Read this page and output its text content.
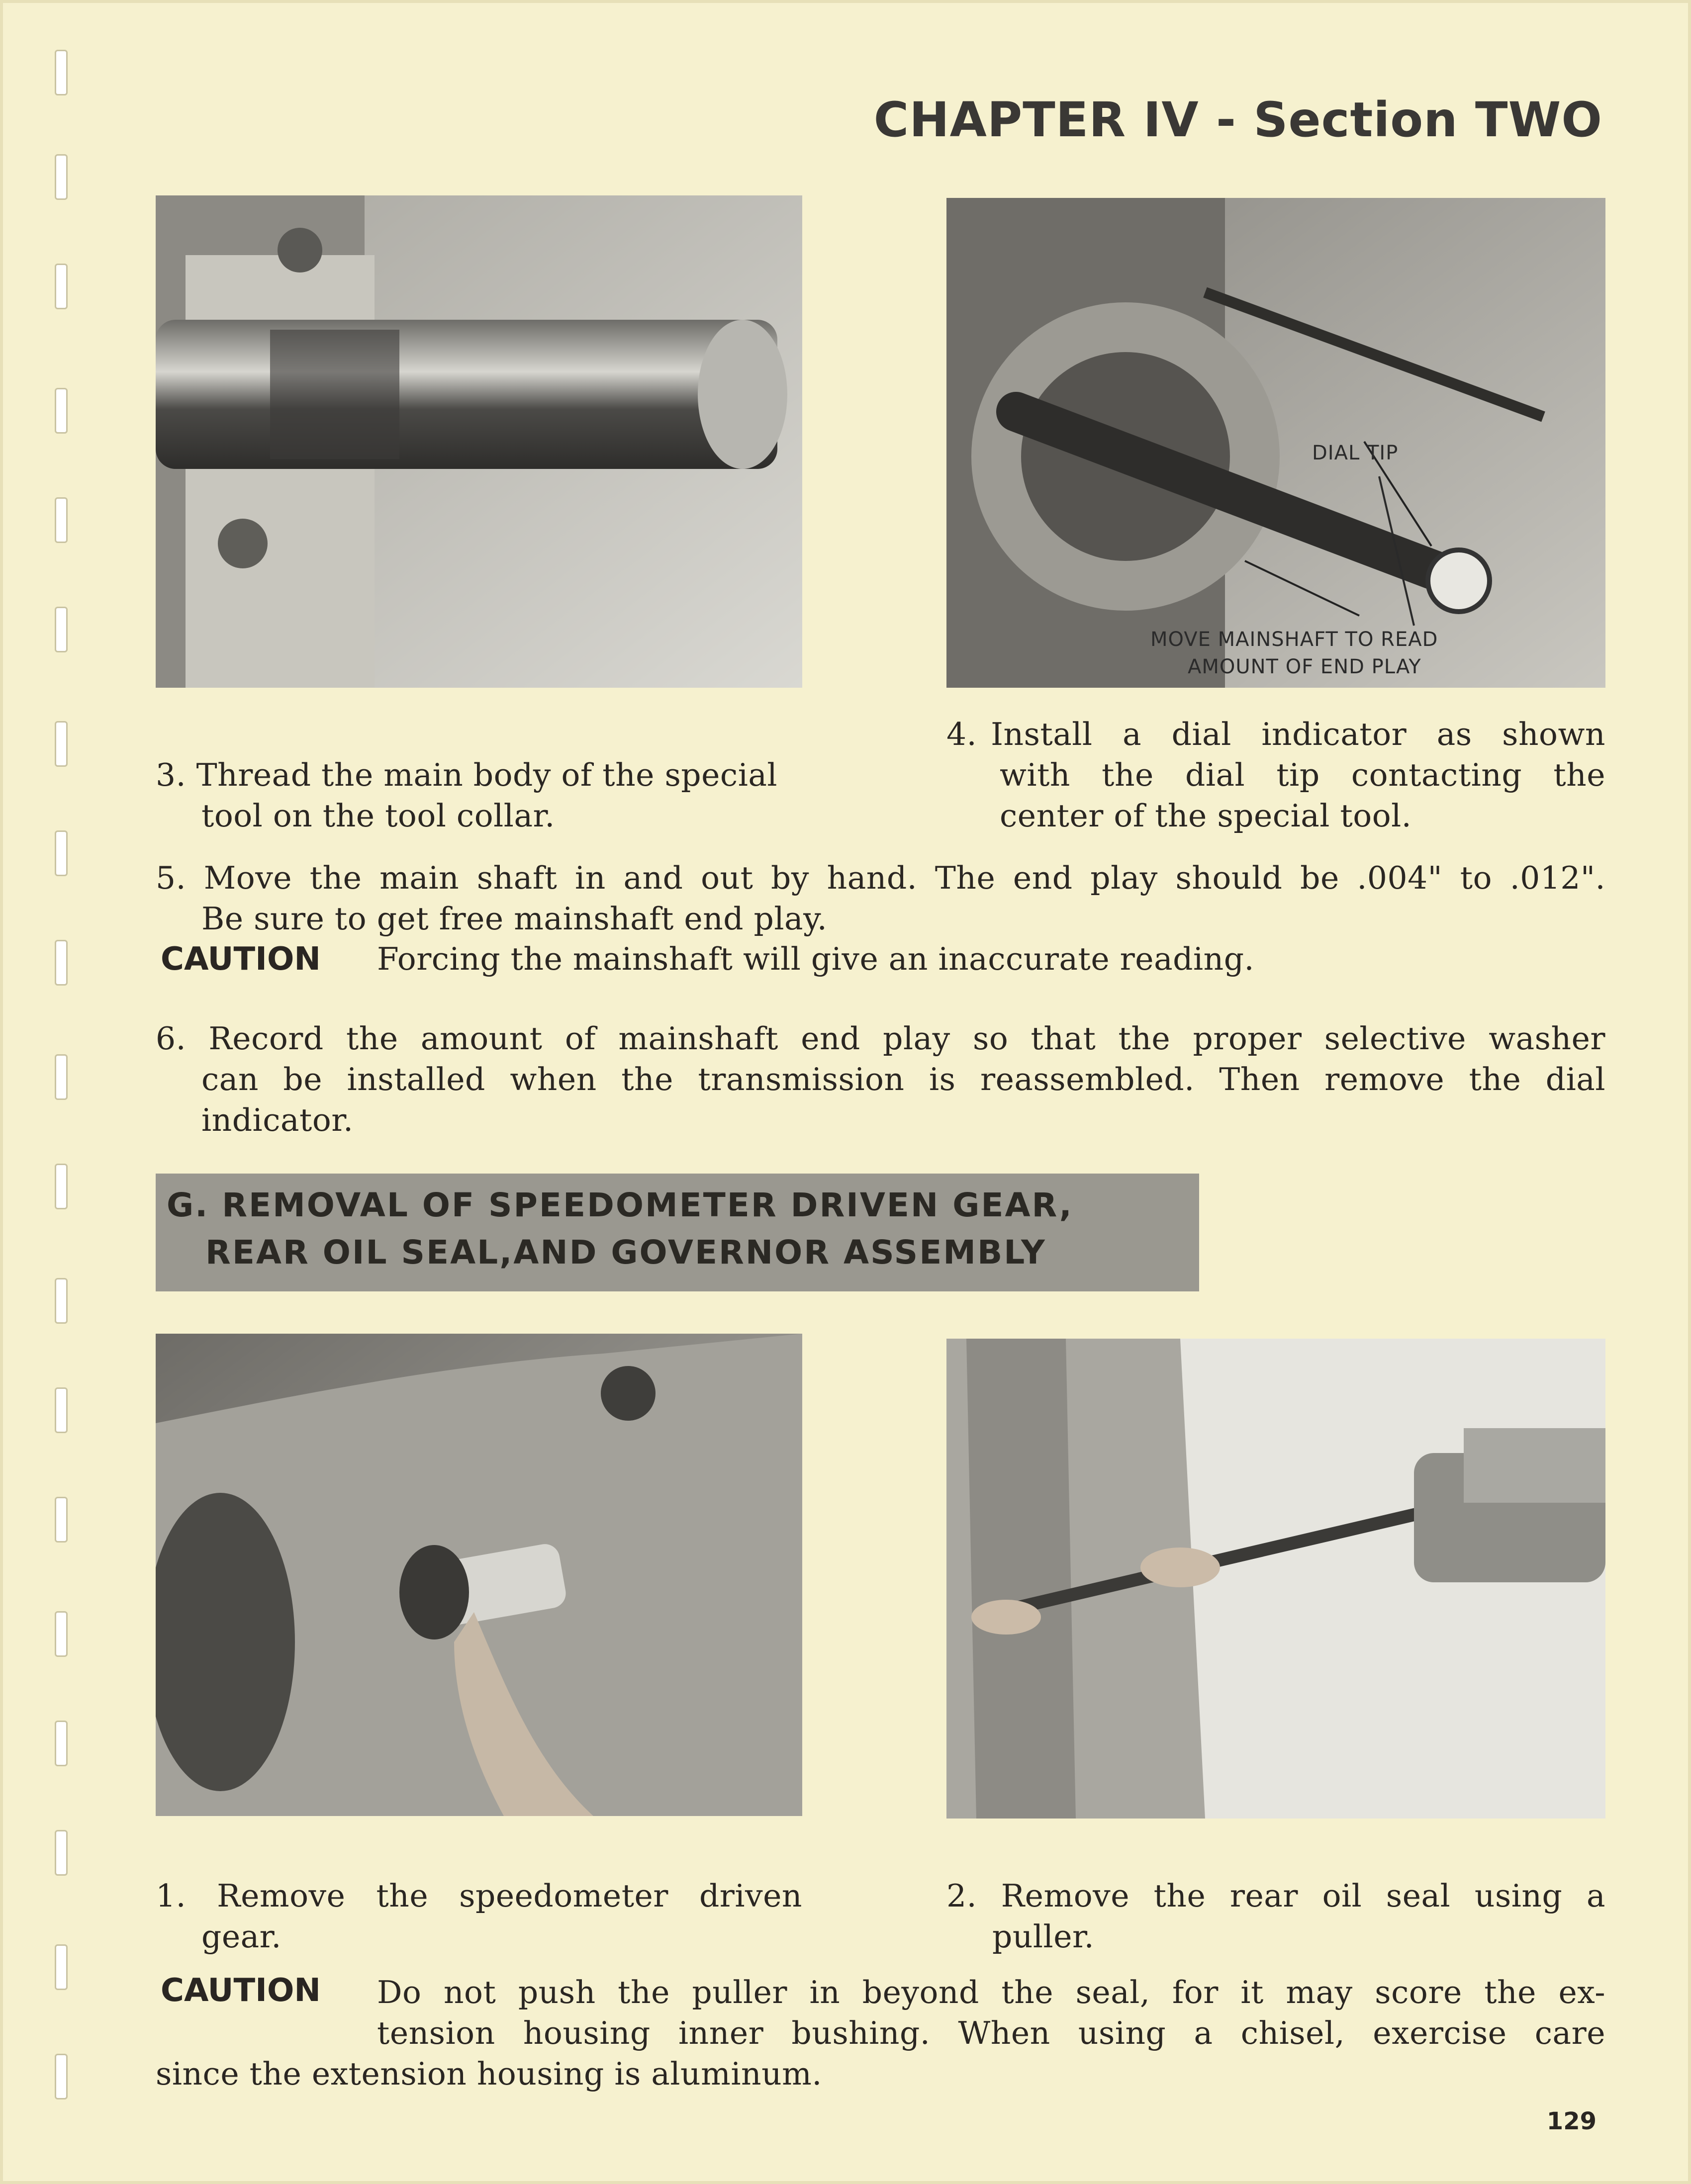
CHAPTER IV - Section TWO
DIAL TIP
MOVE MAINSHAFT TO READ
AMOUNT OF END PLAY
3. Thread the main body of the special
tool on the tool collar.
4. Install a dial indicator as shown
with the dial tip contacting the
center of the special tool.
5. Move the main shaft in and out by hand. The end play should be .004" to .012".
Be sure to get free mainshaft end play.
CAUTION Forcing the mainshaft will give an inaccurate reading.
6. Record the amount of mainshaft end play so that the proper selective washer
can be installed when the transmission is reassembled. Then remove the dial
indicator.
G. REMOVAL OF SPEEDOMETER DRIVEN GEAR,
REAR OIL SEAL,AND GOVERNOR ASSEMBLY
1. Remove the speedometer driven
gear.
2. Remove the rear oil seal using a
puller.
CAUTION Do not push the puller in beyond the seal, for it may score the ex-
tension housing inner bushing. When using a chisel, exercise care
since the extension housing is aluminum.
129
